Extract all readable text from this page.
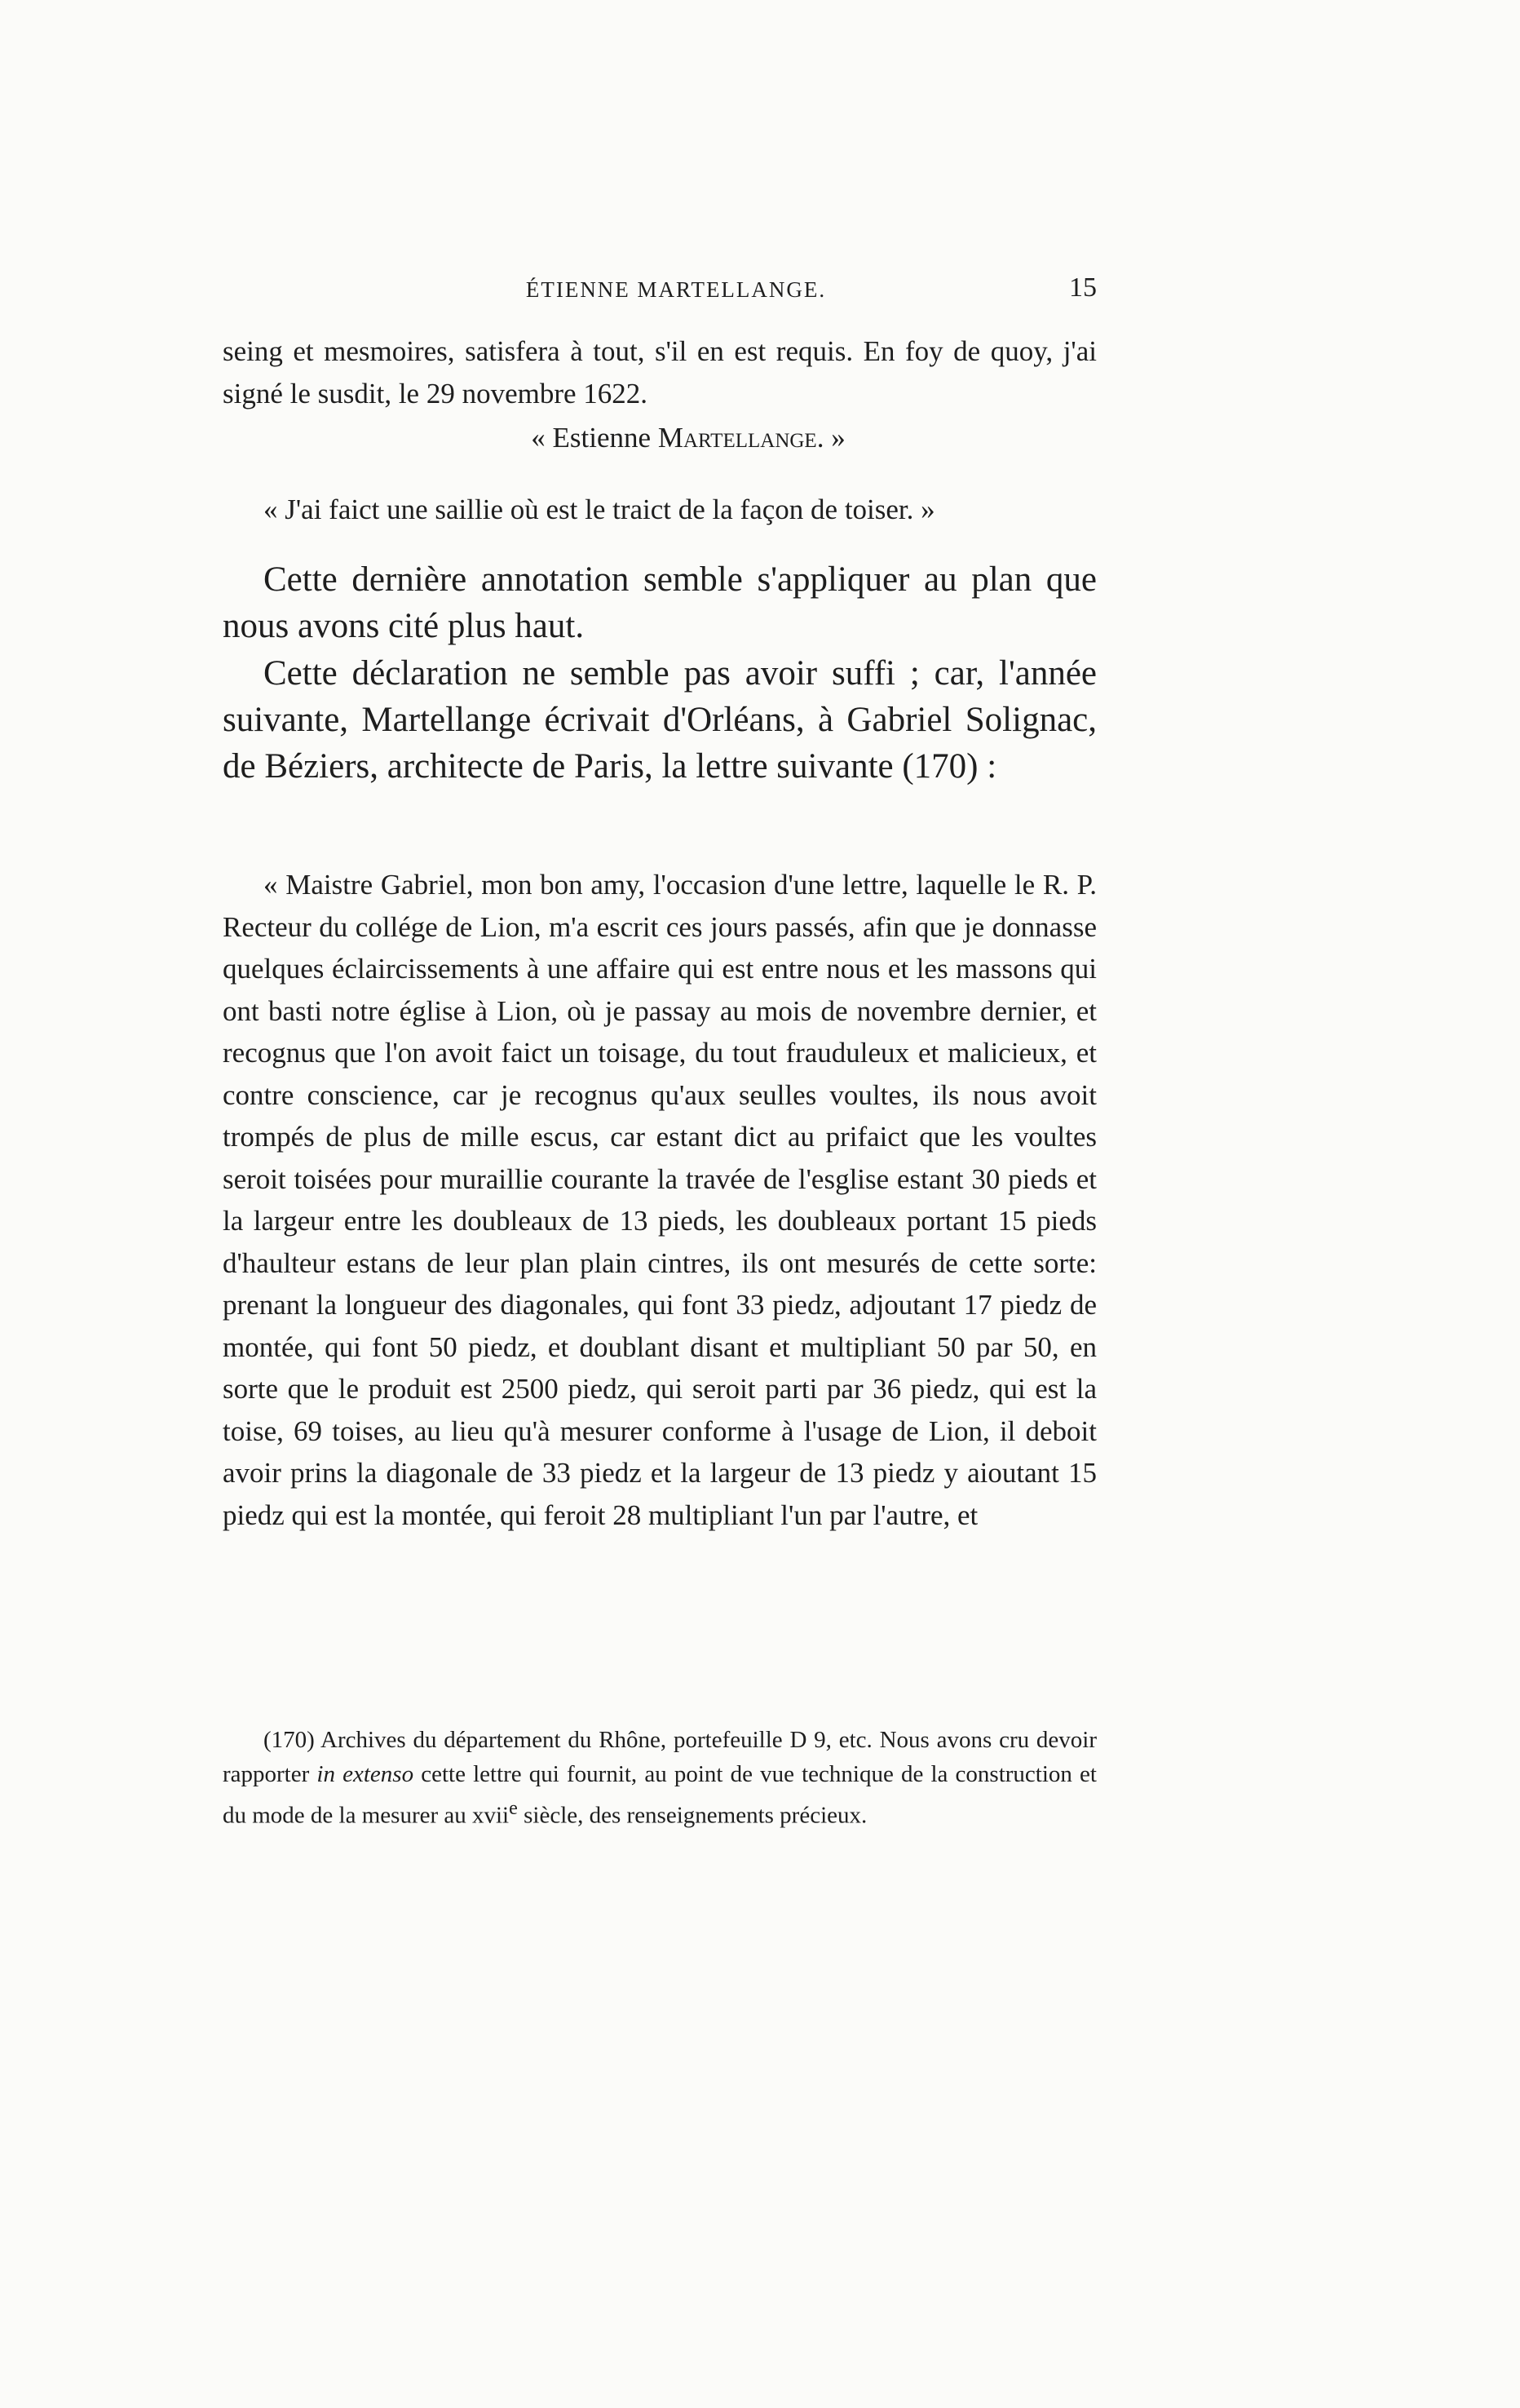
ÉTIENNE MARTELLANGE.	15

seing et mesmoires, satisfera à tout, s'il en est requis. En foy de quoy, j'ai signé le susdit, le 29 novembre 1622.

« Estienne Martellange. »

« J'ai faict une saillie où est le traict de la façon de toiser. »

Cette dernière annotation semble s'appliquer au plan que nous avons cité plus haut.

Cette déclaration ne semble pas avoir suffi ; car, l'année suivante, Martellange écrivait d'Orléans, à Gabriel Solignac, de Béziers, architecte de Paris, la lettre suivante (170) :

« Maistre Gabriel, mon bon amy, l'occasion d'une lettre, laquelle le R. P. Recteur du collége de Lion, m'a escrit ces jours passés, afin que je donnasse quelques éclaircissements à une affaire qui est entre nous et les massons qui ont basti notre église à Lion, où je passay au mois de novembre dernier, et recognus que l'on avoit faict un toisage, du tout frauduleux et malicieux, et contre conscience, car je recognus qu'aux seulles voultes, ils nous avoit trompés de plus de mille escus, car estant dict au prifaict que les voultes seroit toisées pour muraillie courante la travée de l'esglise estant 30 pieds et la largeur entre les doubleaux de 13 pieds, les doubleaux portant 15 pieds d'haulteur estans de leur plan plain cintres, ils ont mesurés de cette sorte: prenant la longueur des diagonales, qui font 33 piedz, adjoutant 17 piedz de montée, qui font 50 piedz, et doublant disant et multipliant 50 par 50, en sorte que le produit est 2500 piedz, qui seroit parti par 36 piedz, qui est la toise, 69 toises, au lieu qu'à mesurer conforme à l'usage de Lion, il deboit avoir prins la diagonale de 33 piedz et la largeur de 13 piedz y aioutant 15 piedz qui est la montée, qui feroit 28 multipliant l'un par l'autre, et

(170) Archives du département du Rhône, portefeuille D 9, etc. Nous avons cru devoir rapporter in extenso cette lettre qui fournit, au point de vue technique de la construction et du mode de la mesurer au xvii$^e$ siècle, des renseignements précieux.
